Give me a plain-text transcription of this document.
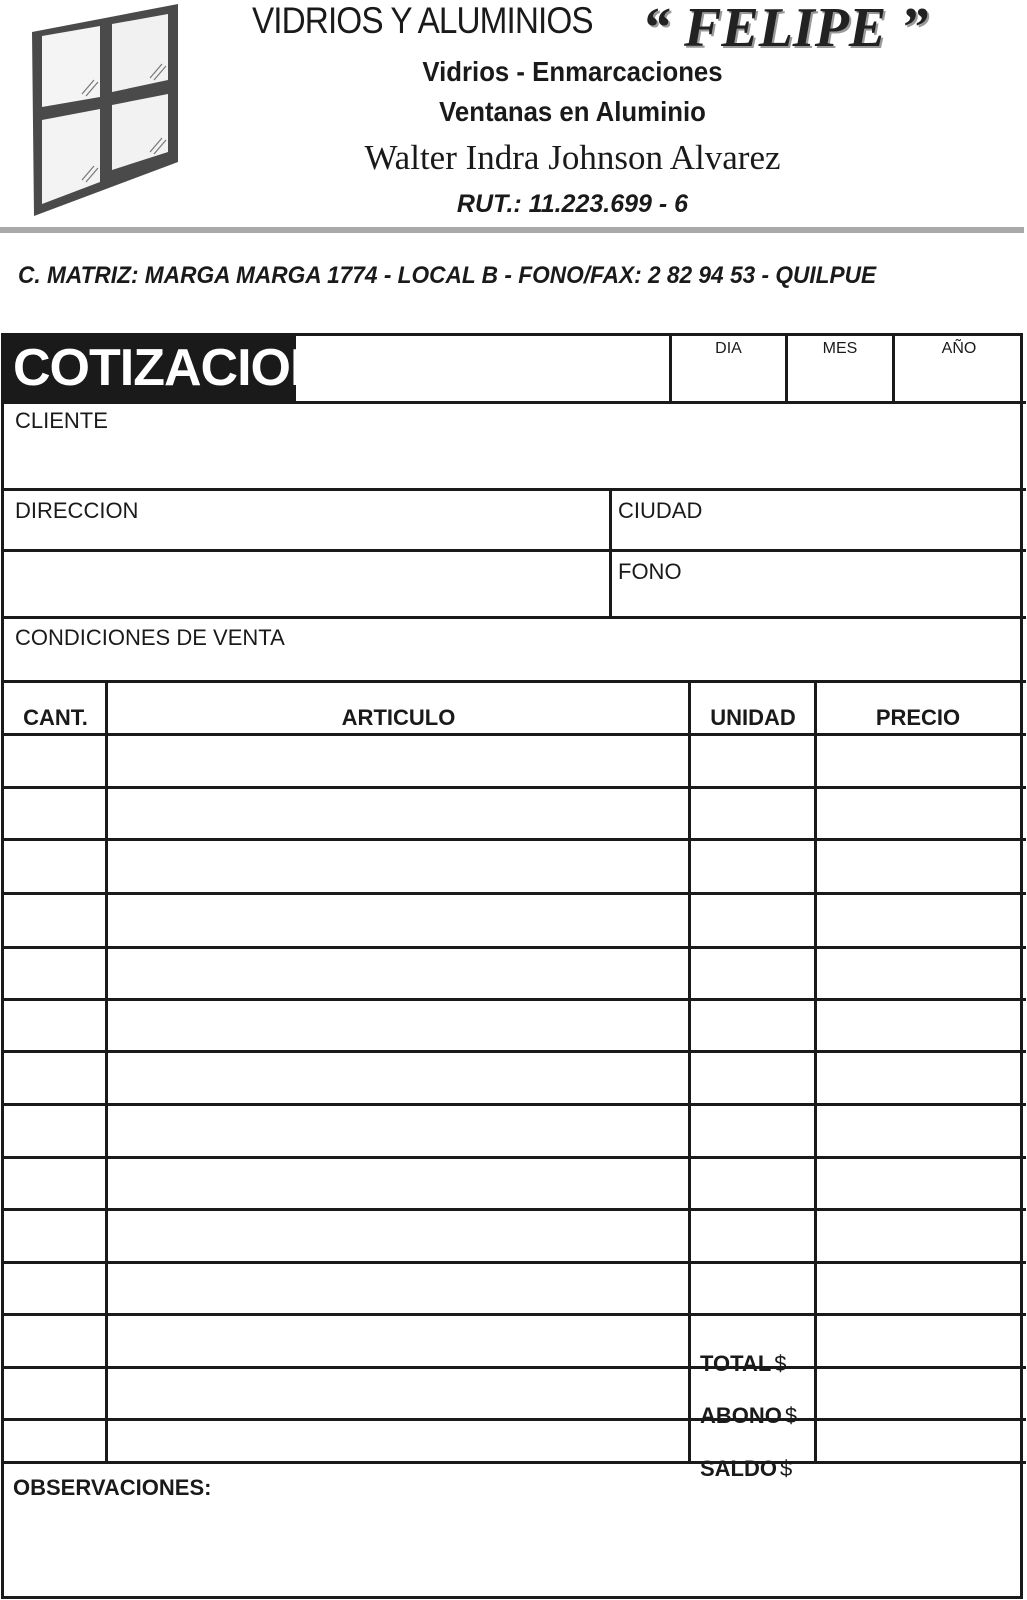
VIDRIOS Y ALUMINIOS “ FELIPE ”
Vidrios - Enmarcaciones
Ventanas en Aluminio
Walter Indra Johnson Alvarez
RUT.: 11.223.699 - 6
C. MATRIZ: MARGA MARGA 1774 - LOCAL B - FONO/FAX: 2 82 94 53 - QUILPUE
COTIZACION	DIA	MES	AÑO
CLIENTE
DIRECCION	CIUDAD
FONO
CONDICIONES DE VENTA
CANT.	ARTICULO	UNIDAD	PRECIO
TOTAL $
ABONO $
SALDO $
OBSERVACIONES:
